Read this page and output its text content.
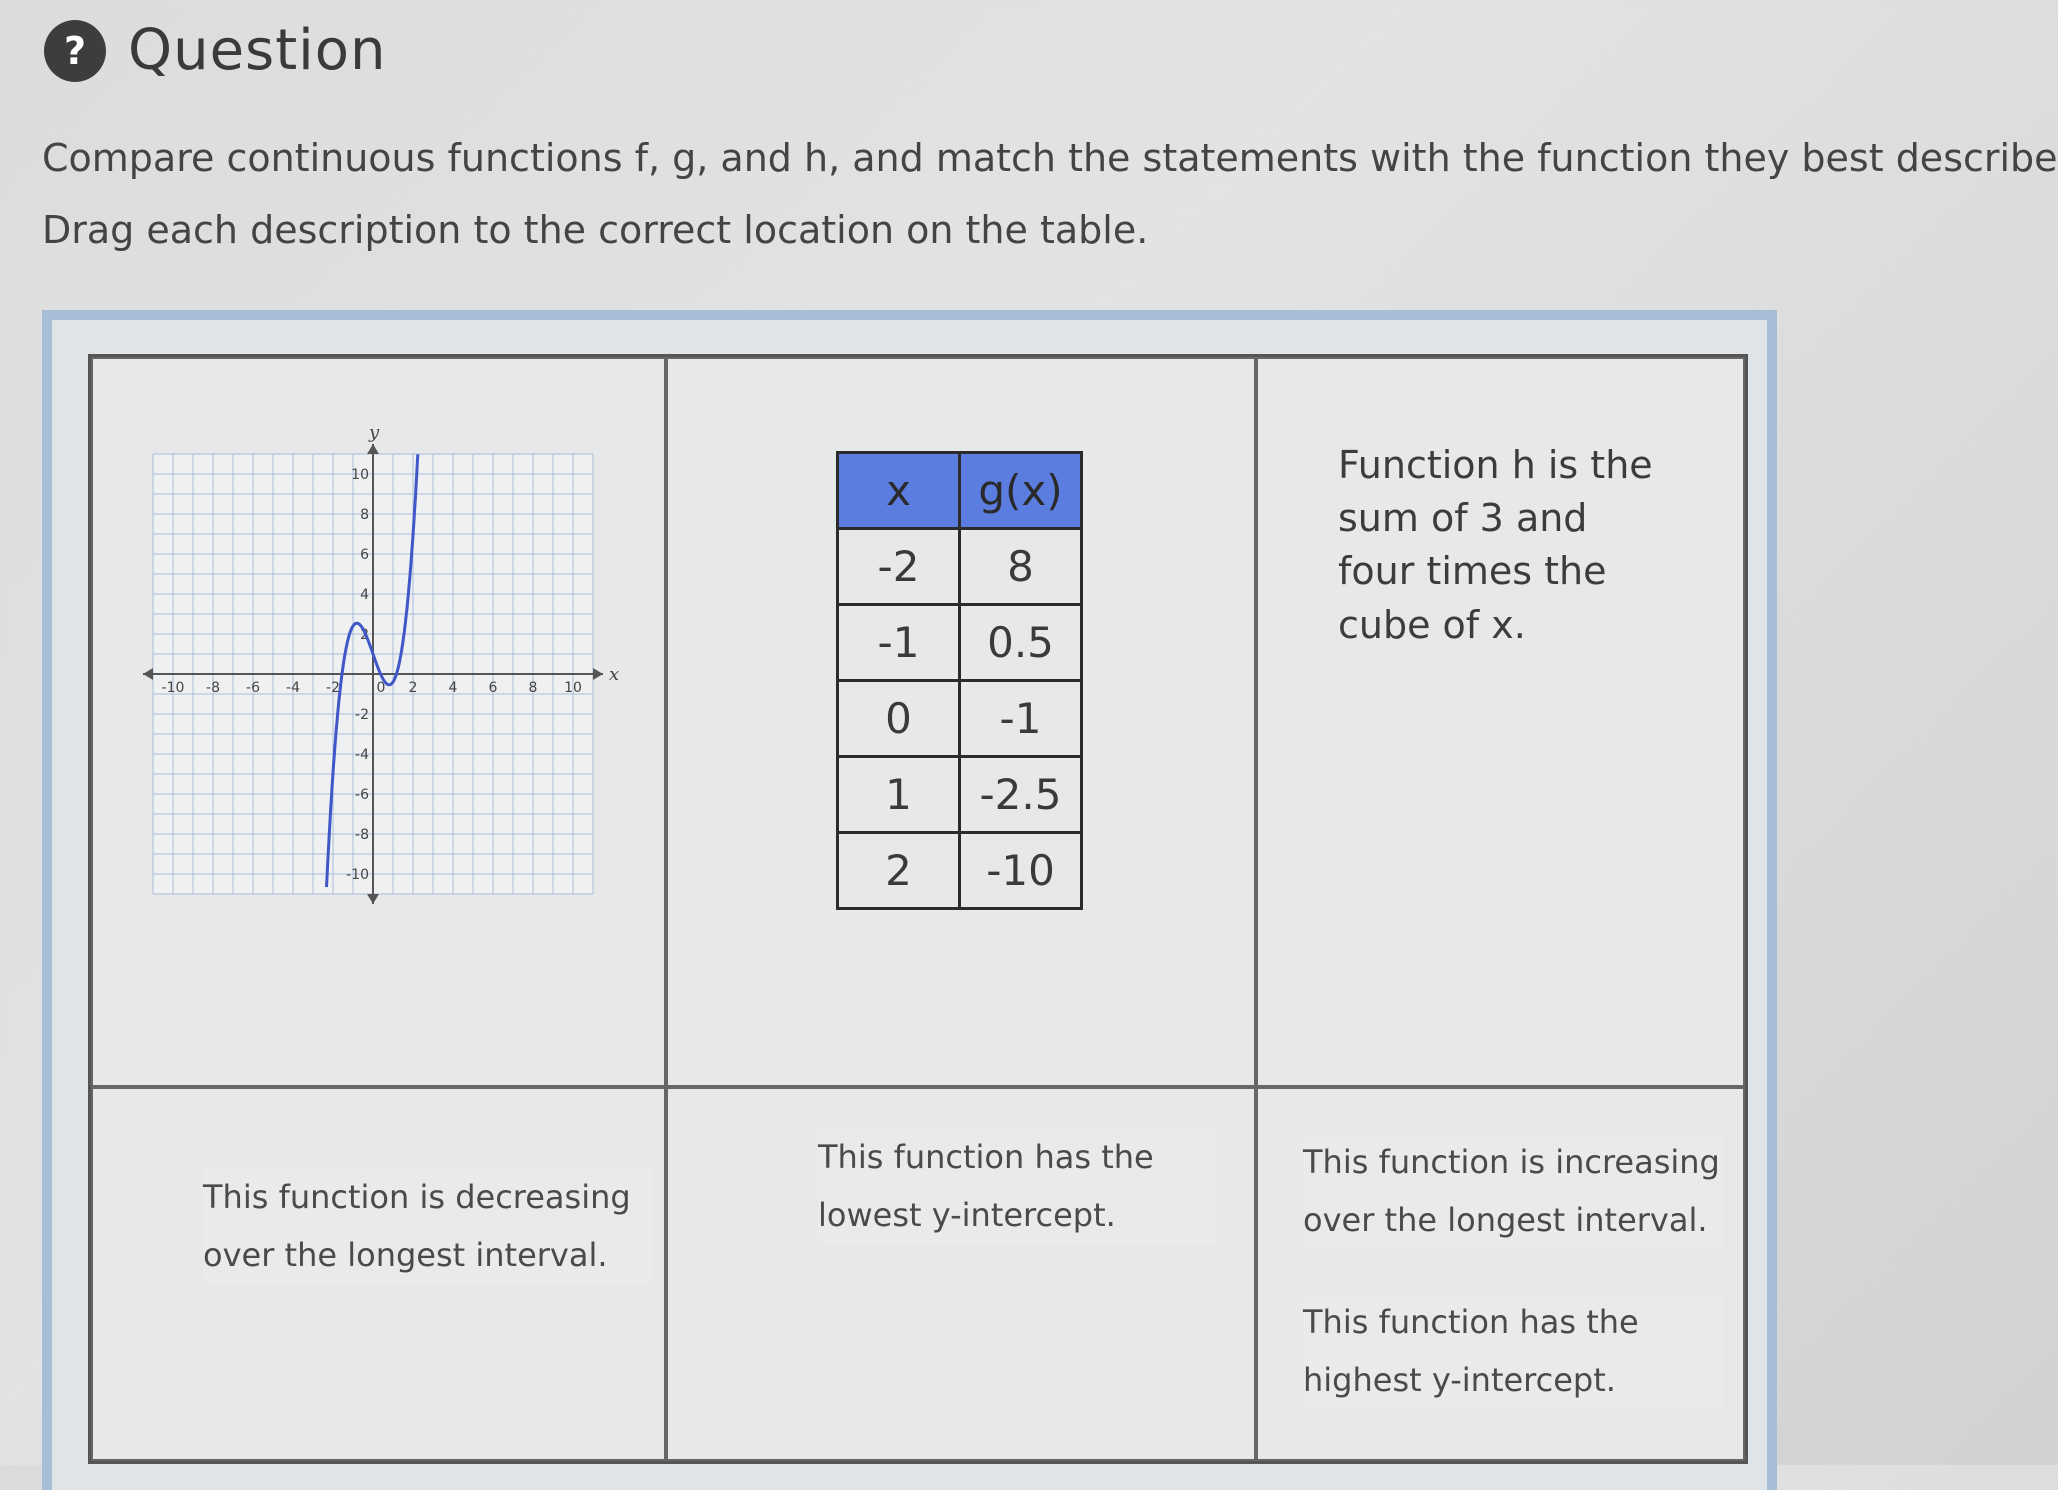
? Question
Compare continuous functions f, g, and h, and match the statements with the function they best describe
Drag each description to the correct location on the table.
-10 -8 -6 -4 -2	0 2 4 6 8 10
10
8
6
4
2
-2
-4
-6
-8
-10
x
y
x	g(x)
-2	8
-1	0.5
0	-1
1	-2.5
2	-10
Function h is the
sum of 3 and
four times the
cube of x.
This function is decreasing
over the longest interval.
This function has the
lowest y-intercept.
This function is increasing
over the longest interval.
This function has the
highest y-intercept.
